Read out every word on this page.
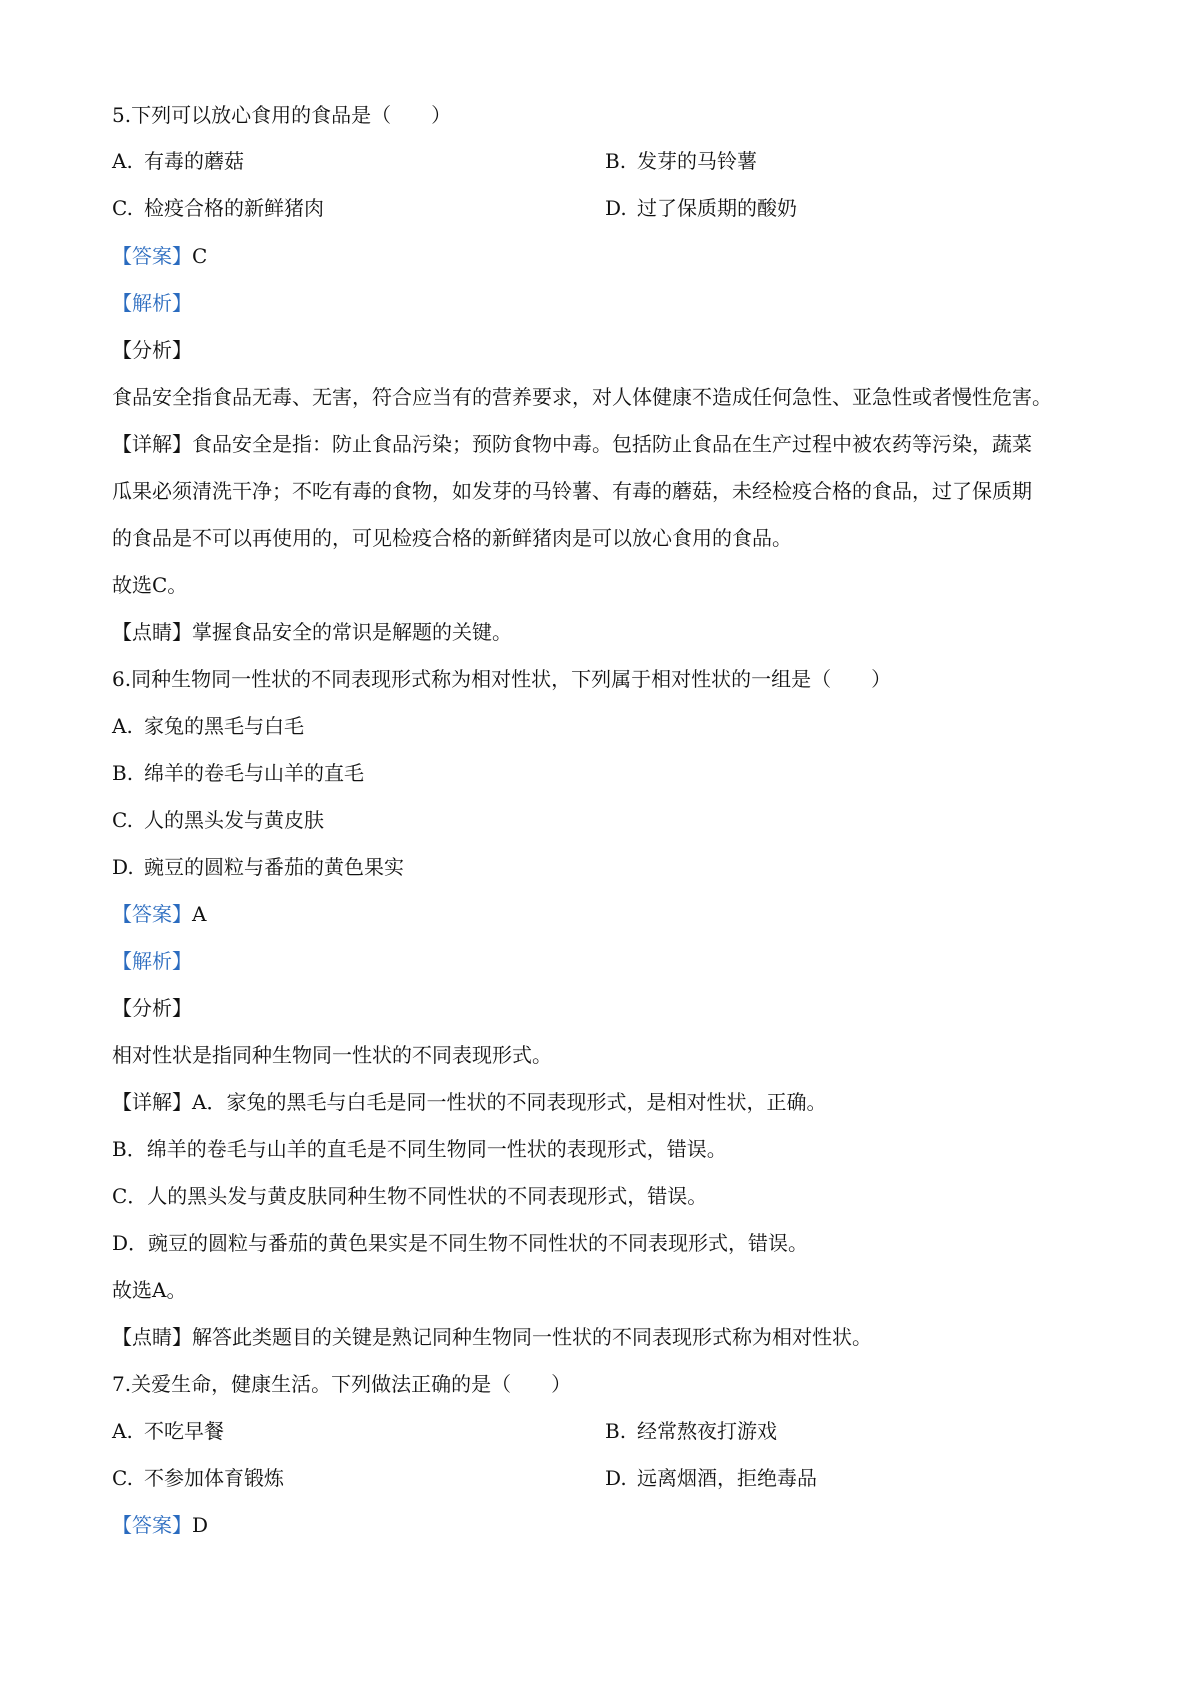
5.下列可以放心食用的食品是（　　）
A. 有毒的蘑菇	B. 发芽的马铃薯
C. 检疫合格的新鲜猪肉	D. 过了保质期的酸奶
【答案】C
【解析】
【分析】
食品安全指食品无毒、无害，符合应当有的营养要求，对人体健康不造成任何急性、亚急性或者慢性危害。
【详解】食品安全是指：防止食品污染；预防食物中毒。包括防止食品在生产过程中被农药等污染，蔬菜
瓜果必须清洗干净；不吃有毒的食物，如发芽的马铃薯、有毒的蘑菇，未经检疫合格的食品，过了保质期
的食品是不可以再使用的，可见检疫合格的新鲜猪肉是可以放心食用的食品。
故选C。
【点睛】掌握食品安全的常识是解题的关键。
6.同种生物同一性状的不同表现形式称为相对性状，下列属于相对性状的一组是（　　）
A. 家兔的黑毛与白毛
B. 绵羊的卷毛与山羊的直毛
C. 人的黑头发与黄皮肤
D. 豌豆的圆粒与番茄的黄色果实
【答案】A
【解析】
【分析】
相对性状是指同种生物同一性状的不同表现形式。
【详解】A．家兔的黑毛与白毛是同一性状的不同表现形式，是相对性状，正确。
B．绵羊的卷毛与山羊的直毛是不同生物同一性状的表现形式，错误。
C．人的黑头发与黄皮肤同种生物不同性状的不同表现形式，错误。
D．豌豆的圆粒与番茄的黄色果实是不同生物不同性状的不同表现形式，错误。
故选A。
【点睛】解答此类题目的关键是熟记同种生物同一性状的不同表现形式称为相对性状。
7.关爱生命，健康生活。下列做法正确的是（　　）
A. 不吃早餐	B. 经常熬夜打游戏
C. 不参加体育锻炼	D. 远离烟酒，拒绝毒品
【答案】D
